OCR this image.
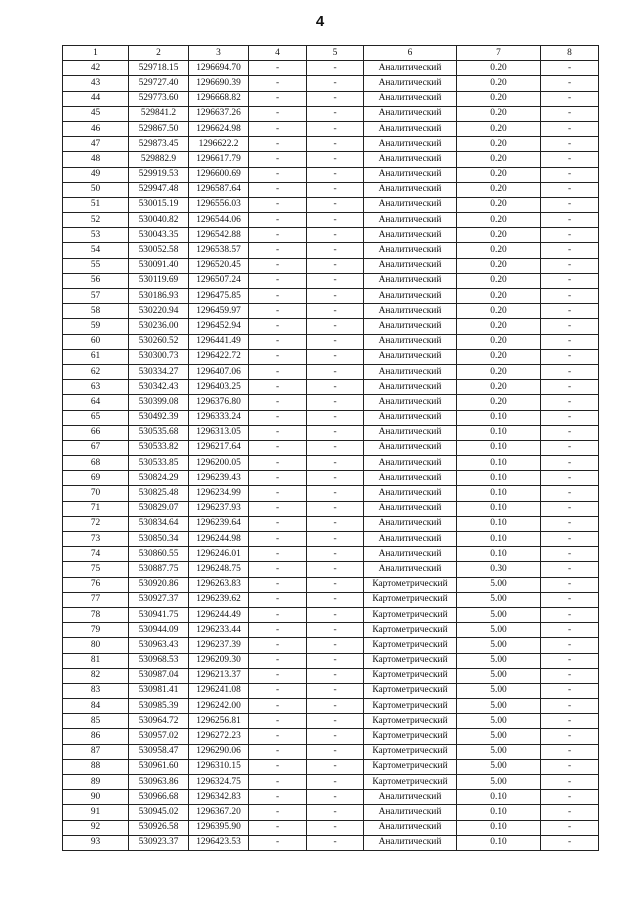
4
1	2	3	4	5	6	7	8
42	529718.15	1296694.70	-	-	Аналитический	0.20	-
43	529727.40	1296690.39	-	-	Аналитический	0.20	-
44	529773.60	1296668.82	-	-	Аналитический	0.20	-
45	529841.2	1296637.26	-	-	Аналитический	0.20	-
46	529867.50	1296624.98	-	-	Аналитический	0.20	-
47	529873.45	1296622.2	-	-	Аналитический	0.20	-
48	529882.9	1296617.79	-	-	Аналитический	0.20	-
49	529919.53	1296600.69	-	-	Аналитический	0.20	-
50	529947.48	1296587.64	-	-	Аналитический	0.20	-
51	530015.19	1296556.03	-	-	Аналитический	0.20	-
52	530040.82	1296544.06	-	-	Аналитический	0.20	-
53	530043.35	1296542.88	-	-	Аналитический	0.20	-
54	530052.58	1296538.57	-	-	Аналитический	0.20	-
55	530091.40	1296520.45	-	-	Аналитический	0.20	-
56	530119.69	1296507.24	-	-	Аналитический	0.20	-
57	530186.93	1296475.85	-	-	Аналитический	0.20	-
58	530220.94	1296459.97	-	-	Аналитический	0.20	-
59	530236.00	1296452.94	-	-	Аналитический	0.20	-
60	530260.52	1296441.49	-	-	Аналитический	0.20	-
61	530300.73	1296422.72	-	-	Аналитический	0.20	-
62	530334.27	1296407.06	-	-	Аналитический	0.20	-
63	530342.43	1296403.25	-	-	Аналитический	0.20	-
64	530399.08	1296376.80	-	-	Аналитический	0.20	-
65	530492.39	1296333.24	-	-	Аналитический	0.10	-
66	530535.68	1296313.05	-	-	Аналитический	0.10	-
67	530533.82	1296217.64	-	-	Аналитический	0.10	-
68	530533.85	1296200.05	-	-	Аналитический	0.10	-
69	530824.29	1296239.43	-	-	Аналитический	0.10	-
70	530825.48	1296234.99	-	-	Аналитический	0.10	-
71	530829.07	1296237.93	-	-	Аналитический	0.10	-
72	530834.64	1296239.64	-	-	Аналитический	0.10	-
73	530850.34	1296244.98	-	-	Аналитический	0.10	-
74	530860.55	1296246.01	-	-	Аналитический	0.10	-
75	530887.75	1296248.75	-	-	Аналитический	0.30	-
76	530920.86	1296263.83	-	-	Картометрический	5.00	-
77	530927.37	1296239.62	-	-	Картометрический	5.00	-
78	530941.75	1296244.49	-	-	Картометрический	5.00	-
79	530944.09	1296233.44	-	-	Картометрический	5.00	-
80	530963.43	1296237.39	-	-	Картометрический	5.00	-
81	530968.53	1296209.30	-	-	Картометрический	5.00	-
82	530987.04	1296213.37	-	-	Картометрический	5.00	-
83	530981.41	1296241.08	-	-	Картометрический	5.00	-
84	530985.39	1296242.00	-	-	Картометрический	5.00	-
85	530964.72	1296256.81	-	-	Картометрический	5.00	-
86	530957.02	1296272.23	-	-	Картометрический	5.00	-
87	530958.47	1296290.06	-	-	Картометрический	5.00	-
88	530961.60	1296310.15	-	-	Картометрический	5.00	-
89	530963.86	1296324.75	-	-	Картометрический	5.00	-
90	530966.68	1296342.83	-	-	Аналитический	0.10	-
91	530945.02	1296367.20	-	-	Аналитический	0.10	-
92	530926.58	1296395.90	-	-	Аналитический	0.10	-
93	530923.37	1296423.53	-	-	Аналитический	0.10	-
